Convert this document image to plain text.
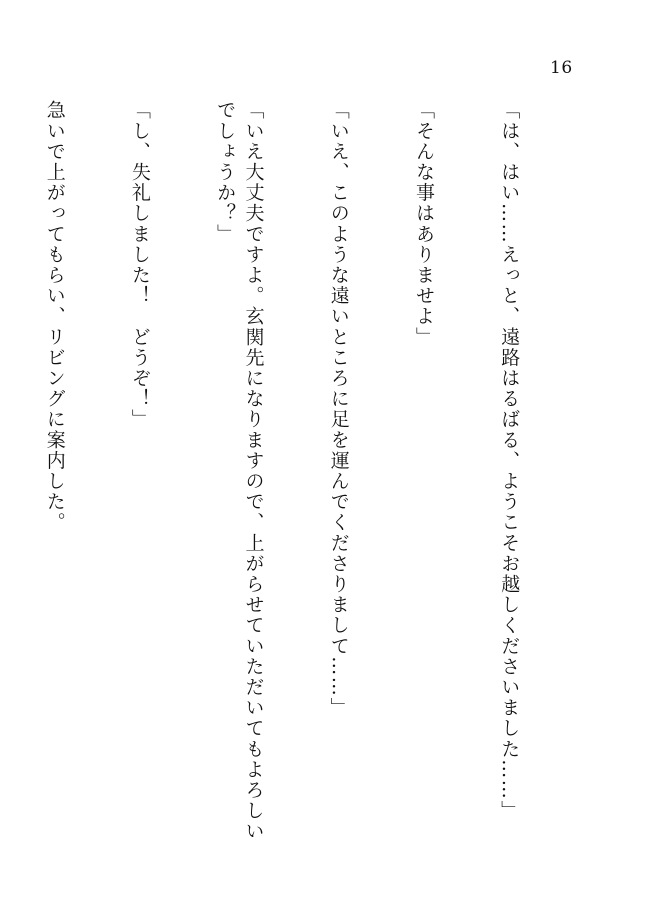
16

「は、はい……えっと、遠路はるばる、ようこそお越しくださいました……」

「そんな事はありませよ」

「いえ、このような遠いところに足を運んでくださりまして……」

「いえ大丈夫ですよ。玄関先になりますので、上がらせていただいてもよろしいでしょうか？」

「し、失礼しました！　どうぞ！」

急いで上がってもらい、リビングに案内した。
